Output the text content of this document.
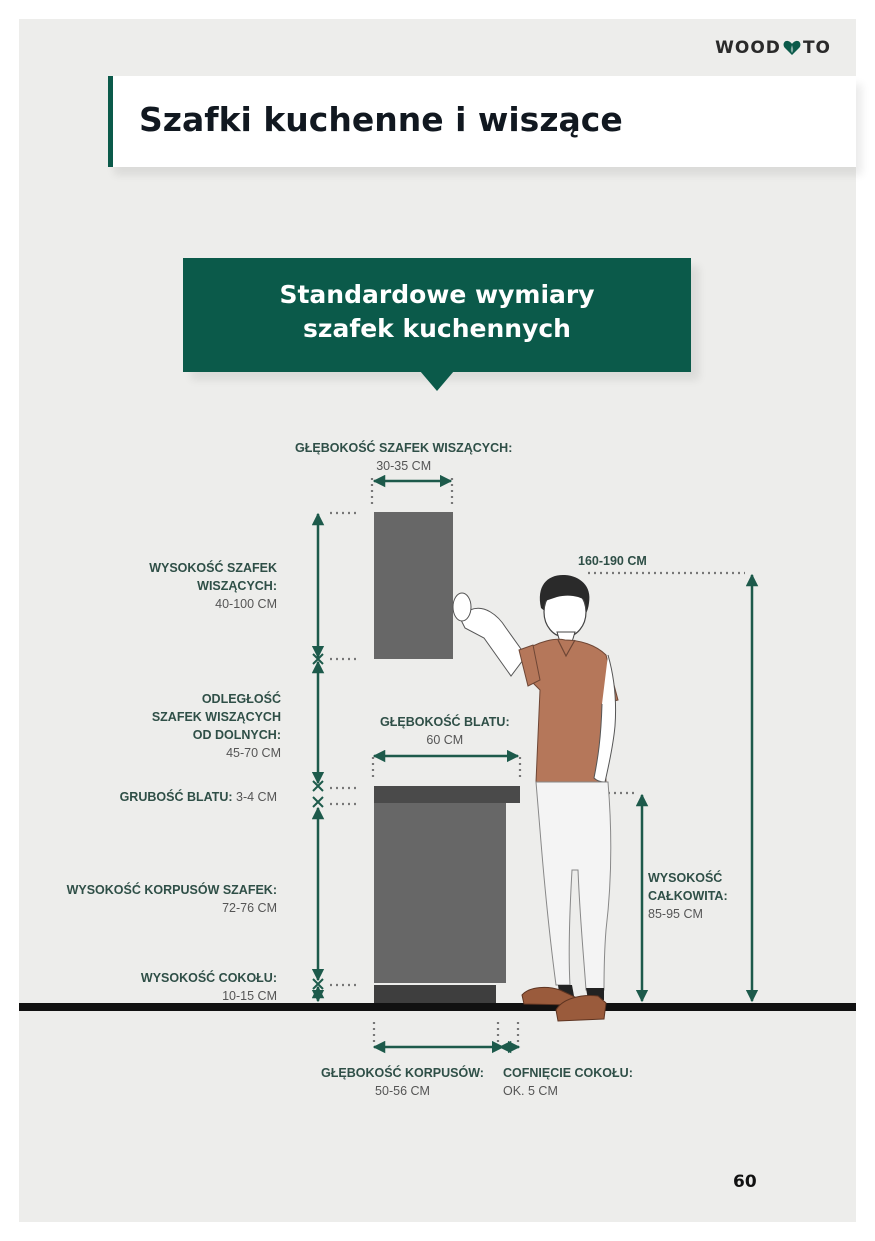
WOOD TO
Szafki kuchenne i wiszące
Standardowe wymiary
szafek kuchennych
GŁĘBOKOŚĆ SZAFEK WISZĄCYCH:
30-35 CM
WYSOKOŚĆ SZAFEK
WISZĄCYCH:
40-100 CM
ODLEGŁOŚĆ
SZAFEK WISZĄCYCH
OD DOLNYCH:
45-70 CM
GRUBOŚĆ BLATU: 3-4 CM
WYSOKOŚĆ KORPUSÓW SZAFEK:
72-76 CM
WYSOKOŚĆ COKOŁU:
10-15 CM
GŁĘBOKOŚĆ BLATU:
60 CM
160-190 CM
WYSOKOŚĆ
CAŁKOWITA:
85-95 CM
GŁĘBOKOŚĆ KORPUSÓW:
50-56 CM
COFNIĘCIE COKOŁU:
OK. 5 CM
60
